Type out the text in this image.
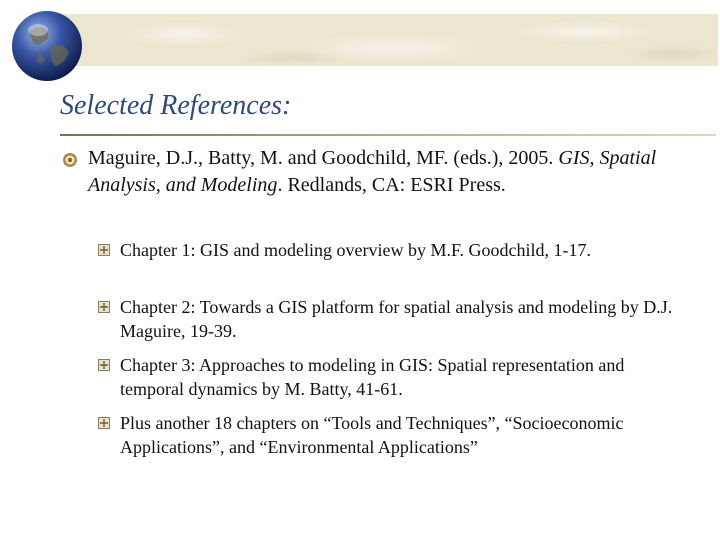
Selected References:

Maguire, D.J., Batty, M. and Goodchild, MF. (eds.), 2005. GIS, Spatial Analysis, and Modeling. Redlands, CA: ESRI Press.

Chapter 1: GIS and modeling overview by M.F. Goodchild, 1-17.

Chapter 2: Towards a GIS platform for spatial analysis and modeling by D.J. Maguire, 19-39.

Chapter 3: Approaches to modeling in GIS: Spatial representation and temporal dynamics by M. Batty, 41-61.

Plus another 18 chapters on “Tools and Techniques”, “Socioeconomic Applications”, and “Environmental Applications”
